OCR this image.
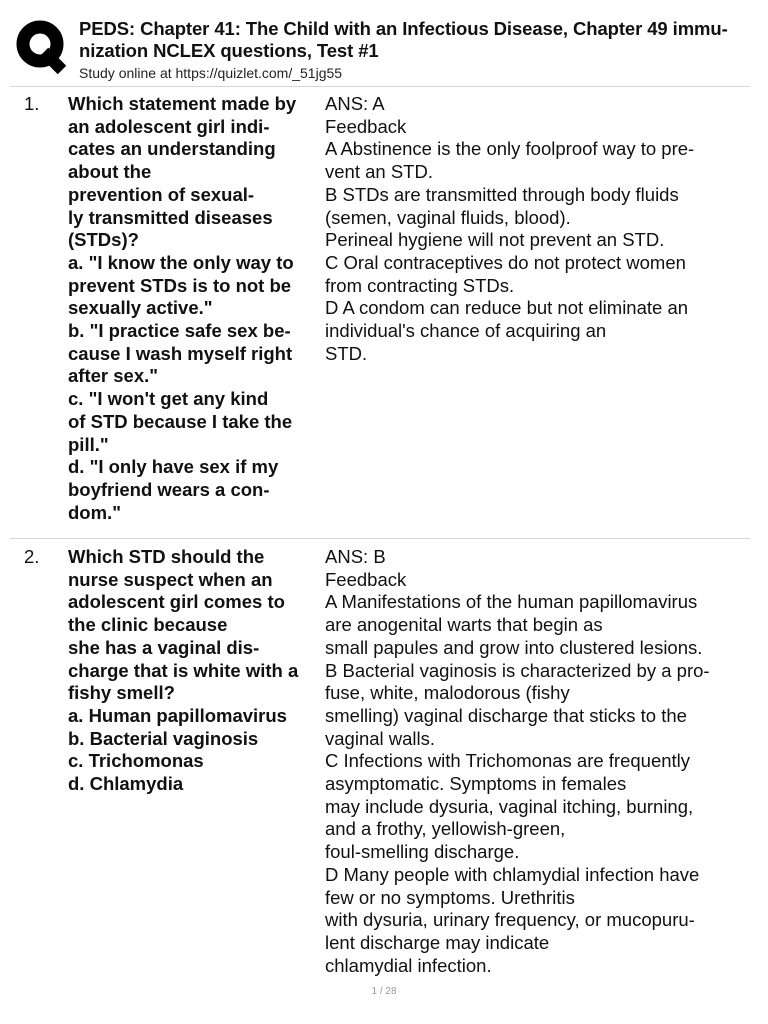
PEDS: Chapter 41: The Child with an Infectious Disease, Chapter 49 immu-
nization NCLEX questions, Test #1
Study online at https://quizlet.com/_51jg55
1. Which statement made by
an adolescent girl indi-
cates an understanding
about the
prevention of sexual-
ly transmitted diseases
(STDs)?
a. "I know the only way to
prevent STDs is to not be
sexually active."
b. "I practice safe sex be-
cause I wash myself right
after sex."
c. "I won't get any kind
of STD because I take the
pill."
d. "I only have sex if my
boyfriend wears a con-
dom."
ANS: A
Feedback
A Abstinence is the only foolproof way to pre-
vent an STD.
B STDs are transmitted through body fluids
(semen, vaginal fluids, blood).
Perineal hygiene will not prevent an STD.
C Oral contraceptives do not protect women
from contracting STDs.
D A condom can reduce but not eliminate an
individual's chance of acquiring an
STD.
2. Which STD should the
nurse suspect when an
adolescent girl comes to
the clinic because
she has a vaginal dis-
charge that is white with a
fishy smell?
a. Human papillomavirus
b. Bacterial vaginosis
c. Trichomonas
d. Chlamydia
ANS: B
Feedback
A Manifestations of the human papillomavirus
are anogenital warts that begin as
small papules and grow into clustered lesions.
B Bacterial vaginosis is characterized by a pro-
fuse, white, malodorous (fishy
smelling) vaginal discharge that sticks to the
vaginal walls.
C Infections with Trichomonas are frequently
asymptomatic. Symptoms in females
may include dysuria, vaginal itching, burning,
and a frothy, yellowish-green,
foul-smelling discharge.
D Many people with chlamydial infection have
few or no symptoms. Urethritis
with dysuria, urinary frequency, or mucopuru-
lent discharge may indicate
chlamydial infection.
1 / 28
